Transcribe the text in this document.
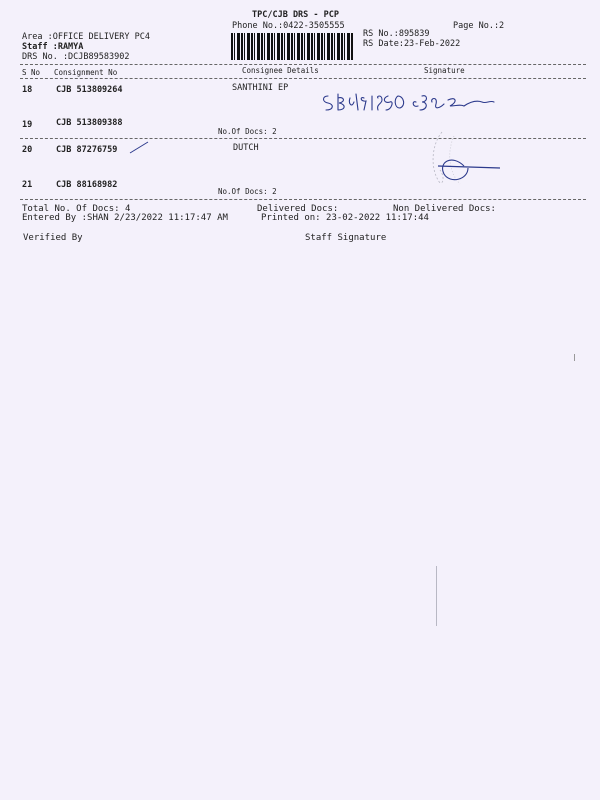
TPC/CJB DRS - PCP
Phone No.:0422-3505555	Page No.:2
Area :OFFICE DELIVERY PC4
Staff :RAMYA
DRS No. :DCJB89583902
RS No.:895839
RS Date:23-Feb-2022
S No Consignment No	Consignee Details	Signature
18	CJB 513809264	SANTHINI EP
19	CJB 513809388
No.Of Docs: 2
20	CJB 87276759	DUTCH
21	CJB 88168982
No.Of Docs: 2
Total No. Of Docs: 4	Delivered Docs:	Non Delivered Docs:
Entered By :SHAN 2/23/2022 11:17:47 AM	Printed on: 23-02-2022 11:17:44
Verified By	Staff Signature
